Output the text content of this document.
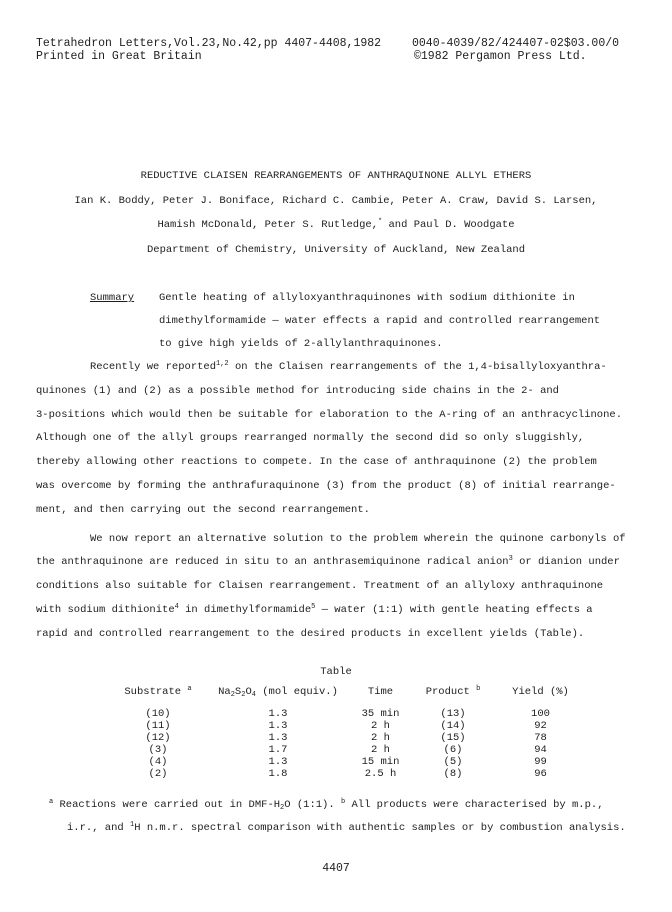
Tetrahedron Letters,Vol.23,No.42,pp 4407-4408,1982	0040-4039/82/424407-02$03.00/0
Printed in Great Britain	©1982 Pergamon Press Ltd.
REDUCTIVE CLAISEN REARRANGEMENTS OF ANTHRAQUINONE ALLYL ETHERS
Ian K. Boddy, Peter J. Boniface, Richard C. Cambie, Peter A. Craw, David S. Larsen,
Hamish McDonald, Peter S. Rutledge,* and Paul D. Woodgate
Department of Chemistry, University of Auckland, New Zealand
Summary Gentle heating of allyloxyanthraquinones with sodium dithionite in
dimethylformamide — water effects a rapid and controlled rearrangement
to give high yields of 2-allylanthraquinones.
Recently we reported$^{1,2}$ on the Claisen rearrangements of the 1,4-bisallyloxyanthra-
quinones (1) and (2) as a possible method for introducing side chains in the 2- and
3-positions which would then be suitable for elaboration to the A-ring of an anthracyclinone.
Although one of the allyl groups rearranged normally the second did so only sluggishly,
thereby allowing other reactions to compete. In the case of anthraquinone (2) the problem
was overcome by forming the anthrafuraquinone (3) from the product (8) of initial rearrange-
ment, and then carrying out the second rearrangement.
We now report an alternative solution to the problem wherein the quinone carbonyls of
the anthraquinone are reduced in situ to an anthrasemiquinone radical anion$^3$ or dianion under
conditions also suitable for Claisen rearrangement. Treatment of an allyloxy anthraquinone
with sodium dithionite$^4$ in dimethylformamide$^5$ — water (1:1) with gentle heating effects a
rapid and controlled rearrangement to the desired products in excellent yields (Table).
Table
Substrate $^a$	$Na_2S_2O_4$ (mol equiv.)	Time	Product $^b$	Yield (%)
(10)	1.3	35 min	(13)	100
(11)	1.3	2 h	(14)	92
(12)	1.3	2 h	(15)	78
(3)	1.7	2 h	(6)	94
(4)	1.3	15 min	(5)	99
(2)	1.8	2.5 h	(8)	96
$^a$ Reactions were carried out in DMF-$H_2O$ (1:1). $^b$ All products were characterised by m.p.,
i.r., and $^1$H n.m.r. spectral comparison with authentic samples or by combustion analysis.
4407
